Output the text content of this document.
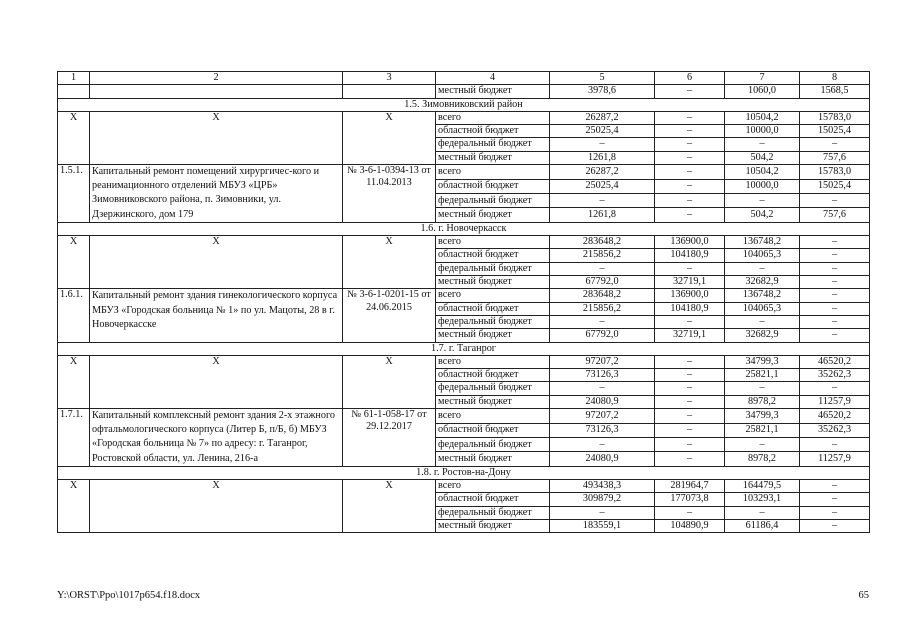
1	2	3	4	5	6	7	8
			местный бюджет	3978,6	–	1060,0	1568,5
1.5. Зимовниковский район							
Х	Х	Х	всего	26287,2	–	10504,2	15783,0
			областной бюджет	25025,4	–	10000,0	15025,4
			федеральный бюджет	–	–	–	–
			местный бюджет	1261,8	–	504,2	757,6
1.5.1.	Капитальный ремонт помещений хирургичес-кого и реанимационного отделений МБУЗ «ЦРБ» Зимовниковского района, п. Зимовники, ул. Дзержинского, дом 179	№ 3-6-1-0394-13 от 11.04.2013	всего	26287,2	–	10504,2	15783,0
			областной бюджет	25025,4	–	10000,0	15025,4
			федеральный бюджет	–	–	–	–
			местный бюджет	1261,8	–	504,2	757,6
1.6. г. Новочеркасск							
Х	Х	Х	всего	283648,2	136900,0	136748,2	–
			областной бюджет	215856,2	104180,9	104065,3	–
			федеральный бюджет	–	–	–	–
			местный бюджет	67792,0	32719,1	32682,9	–
1.6.1.	Капитальный ремонт здания гинекологического корпуса МБУЗ «Городская больница № 1» по ул. Мацоты, 28 в г. Новочеркасске	№ 3-6-1-0201-15 от 24.06.2015	всего	283648,2	136900,0	136748,2	–
			областной бюджет	215856,2	104180,9	104065,3	–
			федеральный бюджет	–	–	–	–
			местный бюджет	67792,0	32719,1	32682,9	–
1.7. г. Таганрог							
Х	Х	Х	всего	97207,2	–	34799,3	46520,2
			областной бюджет	73126,3	–	25821,1	35262,3
			федеральный бюджет	–	–	–	–
			местный бюджет	24080,9	–	8978,2	11257,9
1.7.1.	Капитальный комплексный ремонт здания 2-х этажного офтальмологического корпуса (Литер Б, п/Б, б) МБУЗ «Городская больница № 7» по адресу: г. Таганрог, Ростовской области, ул. Ленина, 216-а	№ 61-1-058-17 от 29.12.2017	всего	97207,2	–	34799,3	46520,2
			областной бюджет	73126,3	–	25821,1	35262,3
			федеральный бюджет	–	–	–	–
			местный бюджет	24080,9	–	8978,2	11257,9
1.8. г. Ростов-на-Дону							
Х	Х	Х	всего	493438,3	281964,7	164479,5	–
			областной бюджет	309879,2	177073,8	103293,1	–
			федеральный бюджет	–	–	–	–
			местный бюджет	183559,1	104890,9	61186,4	–
Y:\ORST\Ppo\1017p654.f18.docx	65
